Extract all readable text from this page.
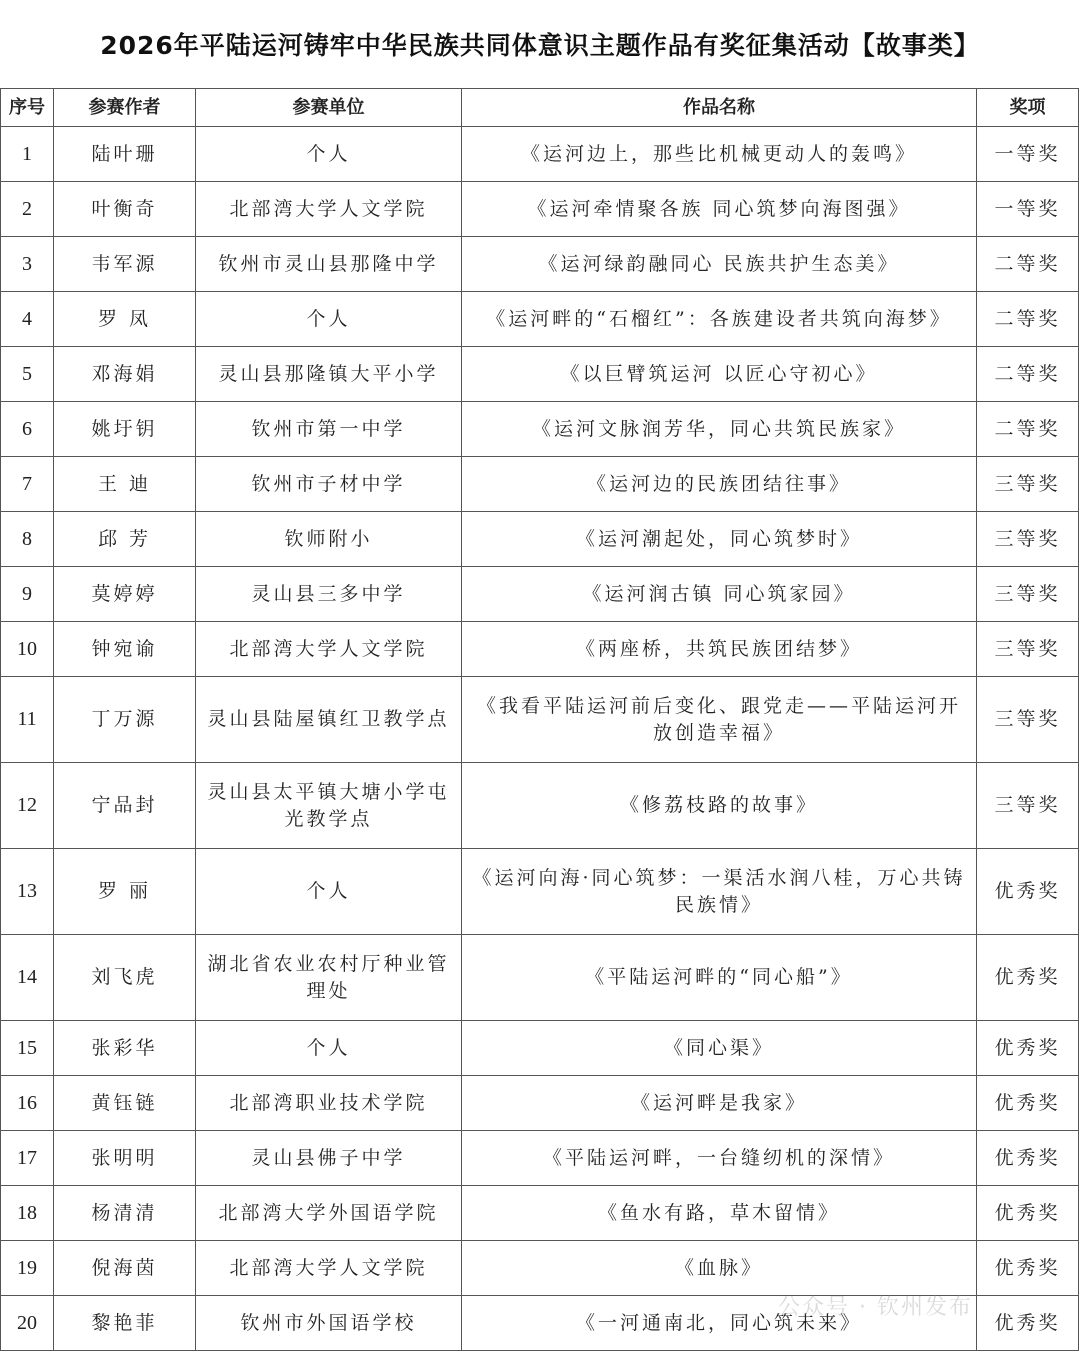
2026年平陆运河铸牢中华民族共同体意识主题作品有奖征集活动【故事类】
序号	参赛作者	参赛单位	作品名称	奖项
1	陆叶珊	个人	《运河边上，那些比机械更动人的轰鸣》	一等奖
2	叶衡奇	北部湾大学人文学院	《运河牵情聚各族 同心筑梦向海图强》	一等奖
3	韦军源	钦州市灵山县那隆中学	《运河绿韵融同心 民族共护生态美》	二等奖
4	罗 凤	个人	《运河畔的“石榴红”：各族建设者共筑向海梦》	二等奖
5	邓海娟	灵山县那隆镇大平小学	《以巨臂筑运河 以匠心守初心》	二等奖
6	姚圩钥	钦州市第一中学	《运河文脉润芳华，同心共筑民族家》	二等奖
7	王 迪	钦州市子材中学	《运河边的民族团结往事》	三等奖
8	邱 芳	钦师附小	《运河潮起处，同心筑梦时》	三等奖
9	莫婷婷	灵山县三多中学	《运河润古镇 同心筑家园》	三等奖
10	钟宛谕	北部湾大学人文学院	《两座桥，共筑民族团结梦》	三等奖
11	丁万源	灵山县陆屋镇红卫教学点	《我看平陆运河前后变化、跟党走——平陆运河开放创造幸福》	三等奖
12	宁品封	灵山县太平镇大塘小学屯光教学点	《修荔枝路的故事》	三等奖
13	罗 丽	个人	《运河向海·同心筑梦：一渠活水润八桂，万心共铸民族情》	优秀奖
14	刘飞虎	湖北省农业农村厅种业管理处	《平陆运河畔的“同心船”》	优秀奖
15	张彩华	个人	《同心渠》	优秀奖
16	黄钰链	北部湾职业技术学院	《运河畔是我家》	优秀奖
17	张明明	灵山县佛子中学	《平陆运河畔，一台缝纫机的深情》	优秀奖
18	杨清清	北部湾大学外国语学院	《鱼水有路，草木留情》	优秀奖
19	倪海茵	北部湾大学人文学院	《血脉》	优秀奖
20	黎艳菲	钦州市外国语学校	《一河通南北，同心筑未来》	优秀奖
公众号 · 钦州发布
